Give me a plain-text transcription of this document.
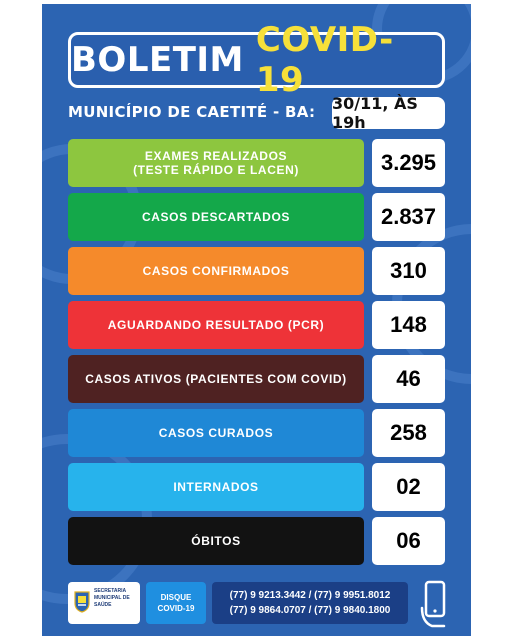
BOLETIM COVID-19
MUNICÍPIO DE CAETITÉ - BA: 30/11, ÀS 19h
EXAMES REALIZADOS
(TESTE RÁPIDO E LACEN)	3.295
CASOS DESCARTADOS	2.837
CASOS CONFIRMADOS	310
AGUARDANDO RESULTADO (PCR)	148
CASOS ATIVOS (PACIENTES COM COVID)	46
CASOS CURADOS	258
INTERNADOS	02
ÓBITOS	06
SECRETARIA MUNICIPAL DE SAÚDE
DISQUE
COVID-19
(77) 9 9213.3442 / (77) 9 9951.8012
(77) 9 9864.0707 / (77) 9 9840.1800
